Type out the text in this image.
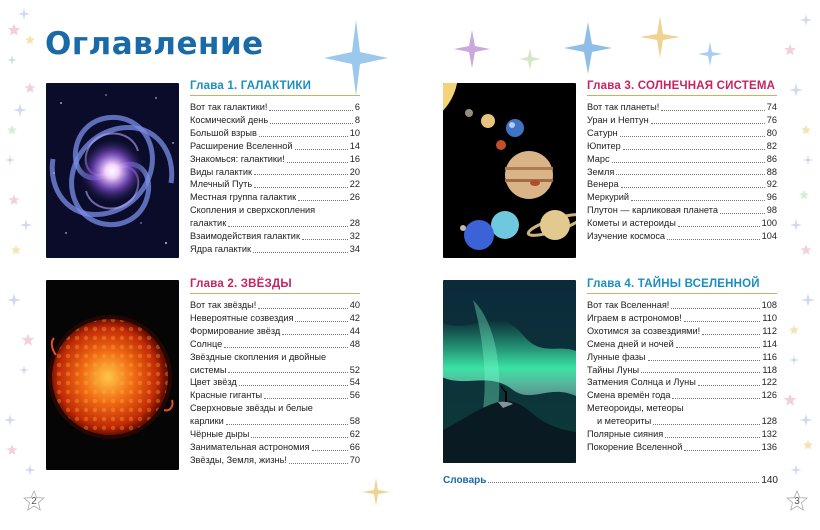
Оглавление
Глава 1. ГАЛАКТИКИ
Вот так галактики!	6
Космический день	8
Большой взрыв	10
Расширение Вселенной	14
Знакомься: галактики!	16
Виды галактик	20
Млечный Путь	22
Местная группа галактик	26
Скопления и сверхскопления
галактик	28
Взаимодействия галактик	32
Ядра галактик	34
Глава 2. ЗВЁЗДЫ
Вот так звёзды!	40
Невероятные созвездия	42
Формирование звёзд	44
Солнце	48
Звёздные скопления и двойные
системы	52
Цвет звёзд	54
Красные гиганты	56
Сверхновые звёзды и белые
карлики	58
Чёрные дыры	62
Занимательная астрономия	66
Звёзды, Земля, жизнь!	70
2
Глава 3. СОЛНЕЧНАЯ СИСТЕМА
Вот так планеты!	74
Уран и Нептун	76
Сатурн	80
Юпитер	82
Марс	86
Земля	88
Венера	92
Меркурий	96
Плутон — карликовая планета	98
Кометы и астероиды	100
Изучение космоса	104
Глава 4. ТАЙНЫ ВСЕЛЕННОЙ
Вот так Вселенная!	108
Играем в астрономов!	110
Охотимся за созвездиями!	112
Смена дней и ночей	114
Лунные фазы	116
Тайны Луны	118
Затмения Солнца и Луны	122
Смена времён года	126
Метеороиды, метеоры
и метеориты	128
Полярные сияния	132
Покорение Вселенной	136
3
Словарь	140
